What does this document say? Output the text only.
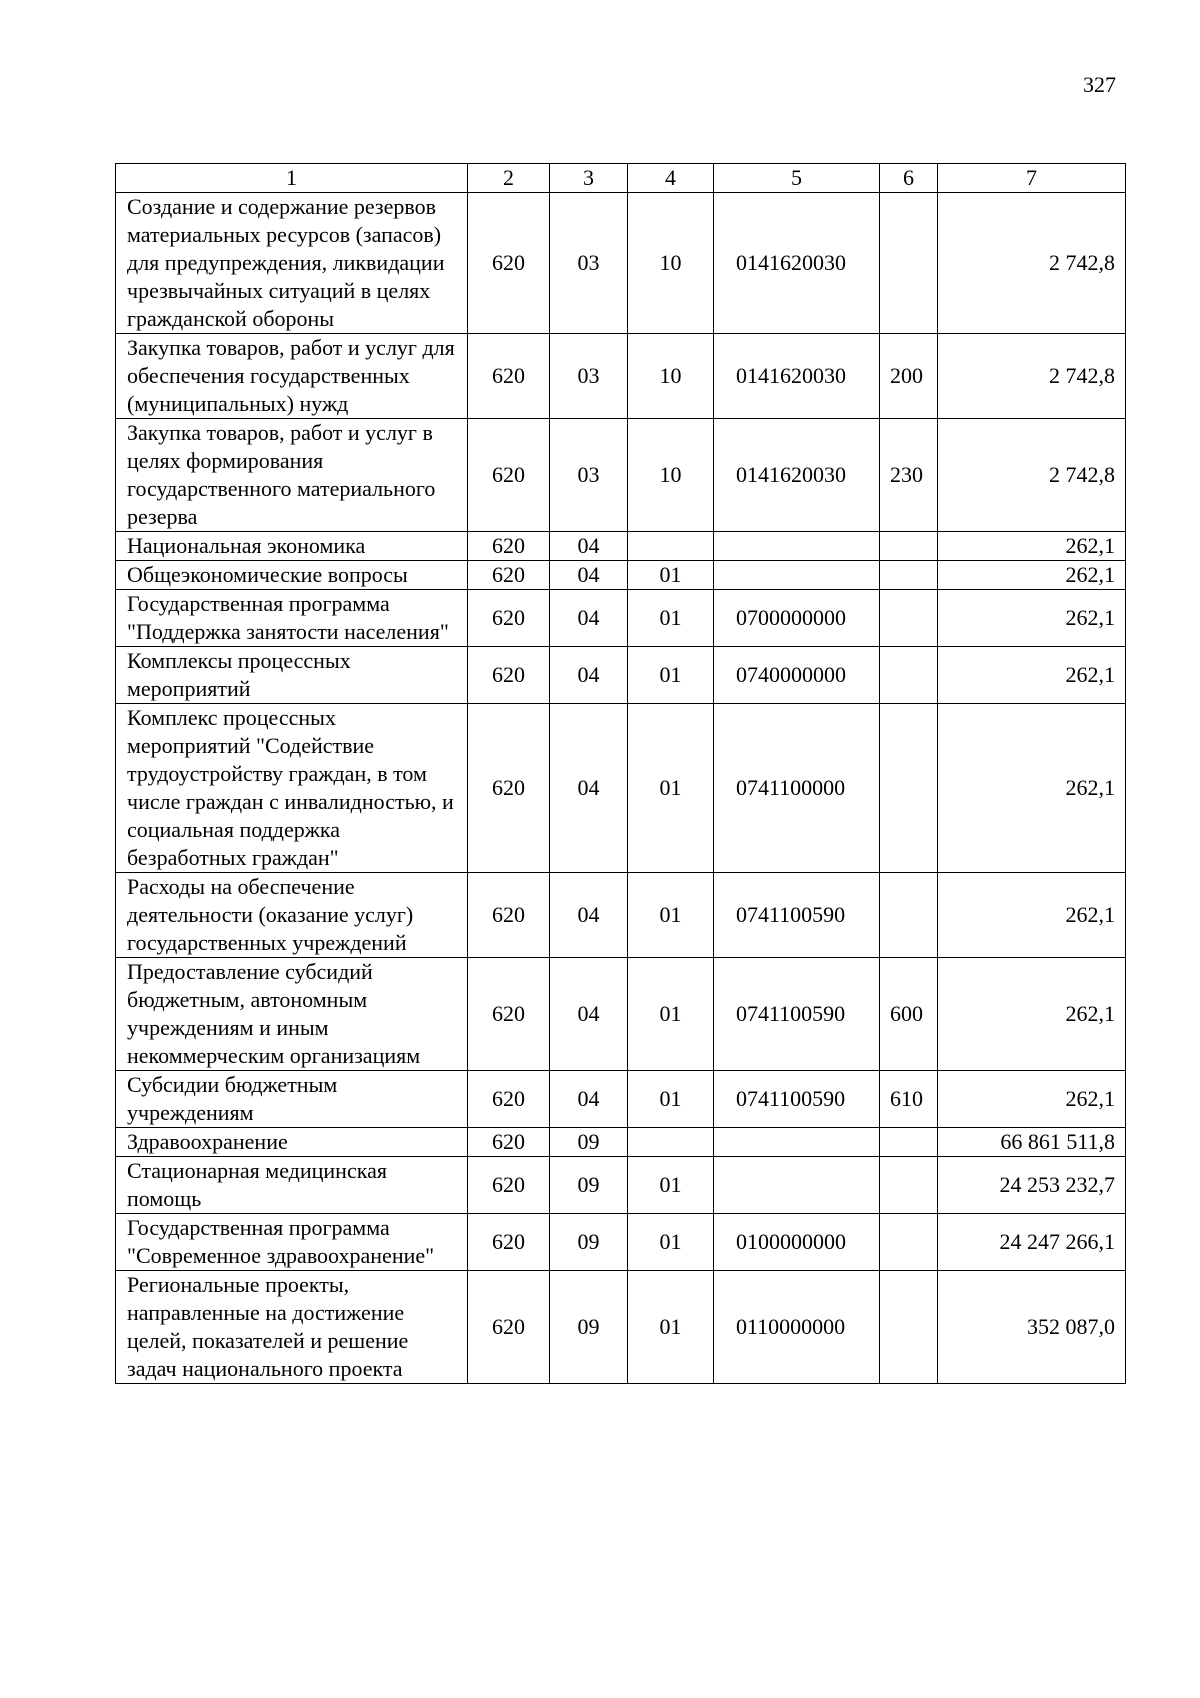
327
1	2	3	4	5	6	7
Создание и содержание резервов материальных ресурсов (запасов) для предупреждения, ликвидации чрезвычайных ситуаций в целях гражданской обороны	620	03	10	0141620030		2 742,8
Закупка товаров, работ и услуг для обеспечения государственных (муниципальных) нужд	620	03	10	0141620030	200	2 742,8
Закупка товаров, работ и услуг в целях формирования государственного материального резерва	620	03	10	0141620030	230	2 742,8
Национальная экономика	620	04				262,1
Общеэкономические вопросы	620	04	01			262,1
Государственная программа "Поддержка занятости населения"	620	04	01	0700000000		262,1
Комплексы процессных мероприятий	620	04	01	0740000000		262,1
Комплекс процессных мероприятий "Содействие трудоустройству граждан, в том числе граждан с инвалидностью, и социальная поддержка безработных граждан"	620	04	01	0741100000		262,1
Расходы на обеспечение деятельности (оказание услуг) государственных учреждений	620	04	01	0741100590		262,1
Предоставление субсидий бюджетным, автономным учреждениям и иным некоммерческим организациям	620	04	01	0741100590	600	262,1
Субсидии бюджетным учреждениям	620	04	01	0741100590	610	262,1
Здравоохранение	620	09				66 861 511,8
Стационарная медицинская помощь	620	09	01			24 253 232,7
Государственная программа "Современное здравоохранение"	620	09	01	0100000000		24 247 266,1
Региональные проекты, направленные на достижение целей, показателей и решение задач национального проекта	620	09	01	0110000000		352 087,0
